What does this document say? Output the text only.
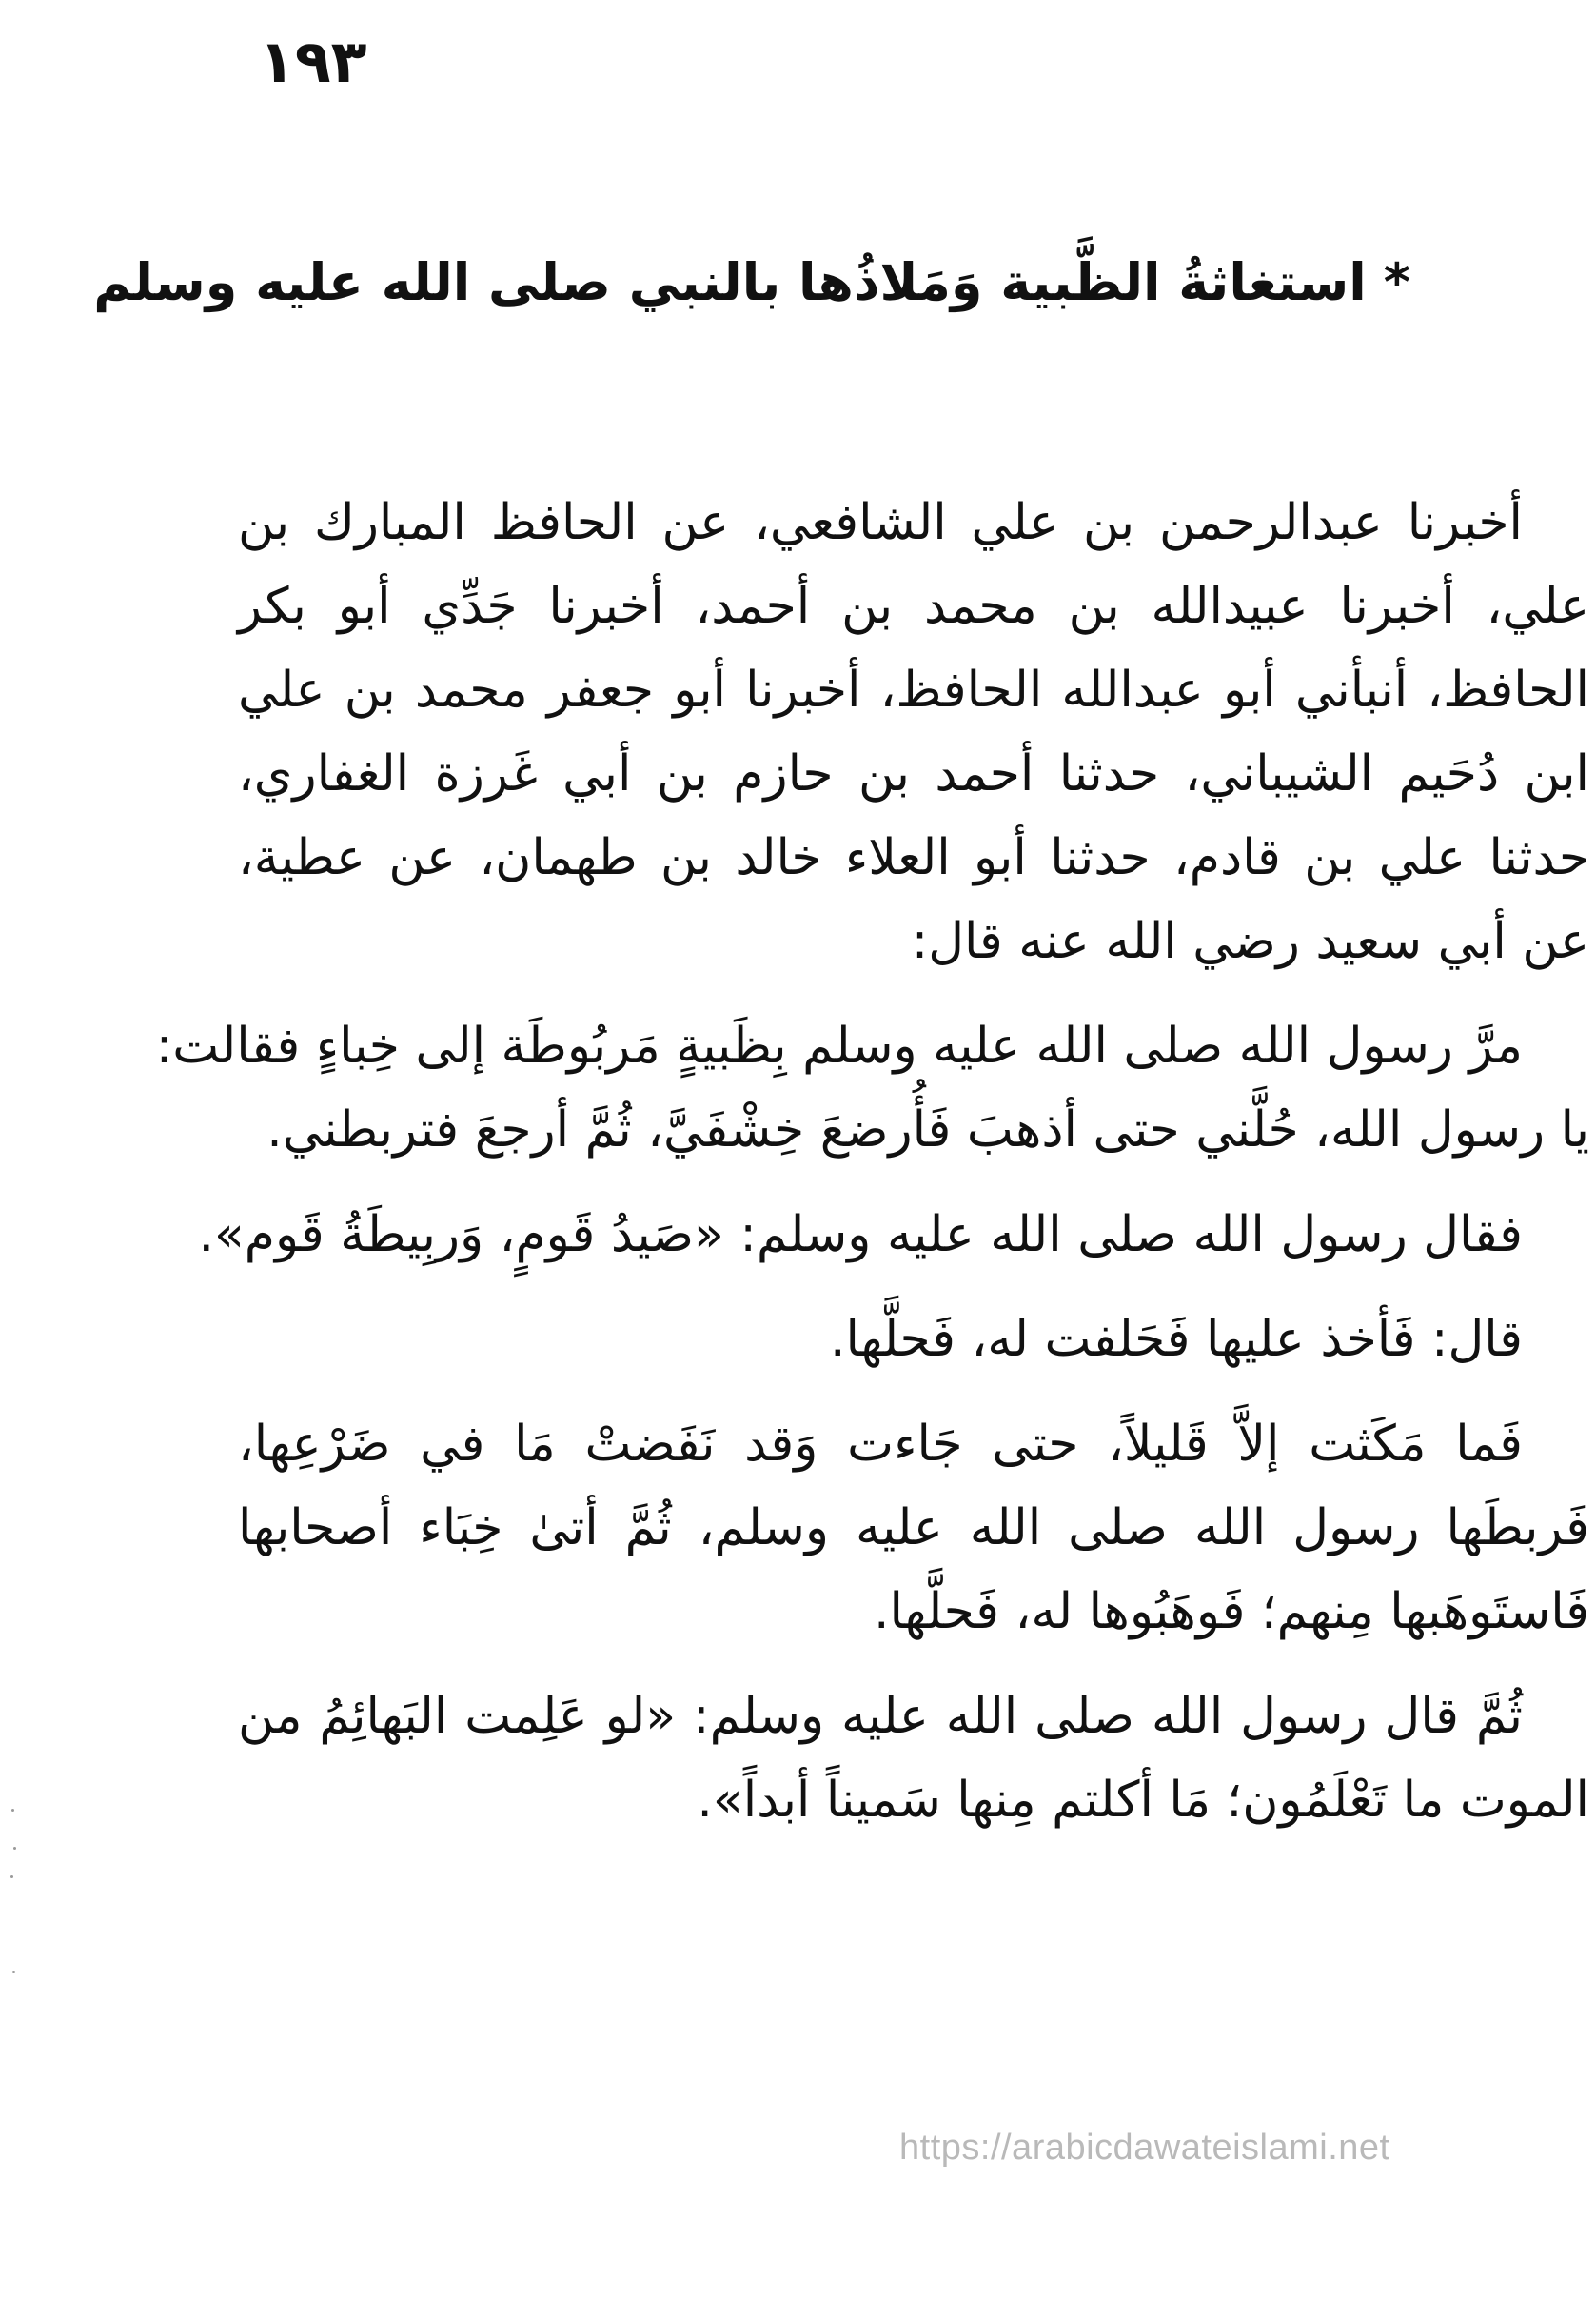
١٩٣
*استغاثةُ الظَّبية وَمَلاذُها بالنبي صلى الله عليه وسلم
أخبرنا عبدالرحمن بن علي الشافعي، عن الحافظ المبارك بن
علي، أخبرنا عبيدالله بن محمد بن أحمد، أخبرنا جَدِّي أبو بكر
الحافظ، أنبأني أبو عبدالله الحافظ، أخبرنا أبو جعفر محمد بن علي
ابن دُحَيم الشيباني، حدثنا أحمد بن حازم بن أبي غَرزة الغفاري،
حدثنا علي بن قادم، حدثنا أبو العلاء خالد بن طهمان، عن عطية،
عن أبي سعيد رضي الله عنه قال:
مرَّ رسول الله صلى الله عليه وسلم بِظَبيةٍ مَربُوطَة إلى خِباءٍ فقالت:
يا رسول الله، حُلَّني حتى أذهبَ فَأُرضعَ خِشْفَيَّ، ثُمَّ أرجعَ فتربطني.
فقال رسول الله صلى الله عليه وسلم: «صَيدُ قَومٍ، وَربِيطَةُ قَوم».
قال: فَأخذ عليها فَحَلفت له، فَحلَّها.
فَما مَكَثت إلاَّ قَليلاً، حتى جَاءت وَقد نَفَضتْ مَا في ضَرْعِها،
فَربطَها رسول الله صلى الله عليه وسلم، ثُمَّ أتىٰ خِبَاء أصحابها
فَاستَوهَبها مِنهم؛ فَوهَبُوها له، فَحلَّها.
ثُمَّ قال رسول الله صلى الله عليه وسلم: «لو عَلِمت البَهائِمُ من
الموت ما تَعْلَمُون؛ مَا أكلتم مِنها سَميناً أبداً».
https://arabicdawateislami.net
